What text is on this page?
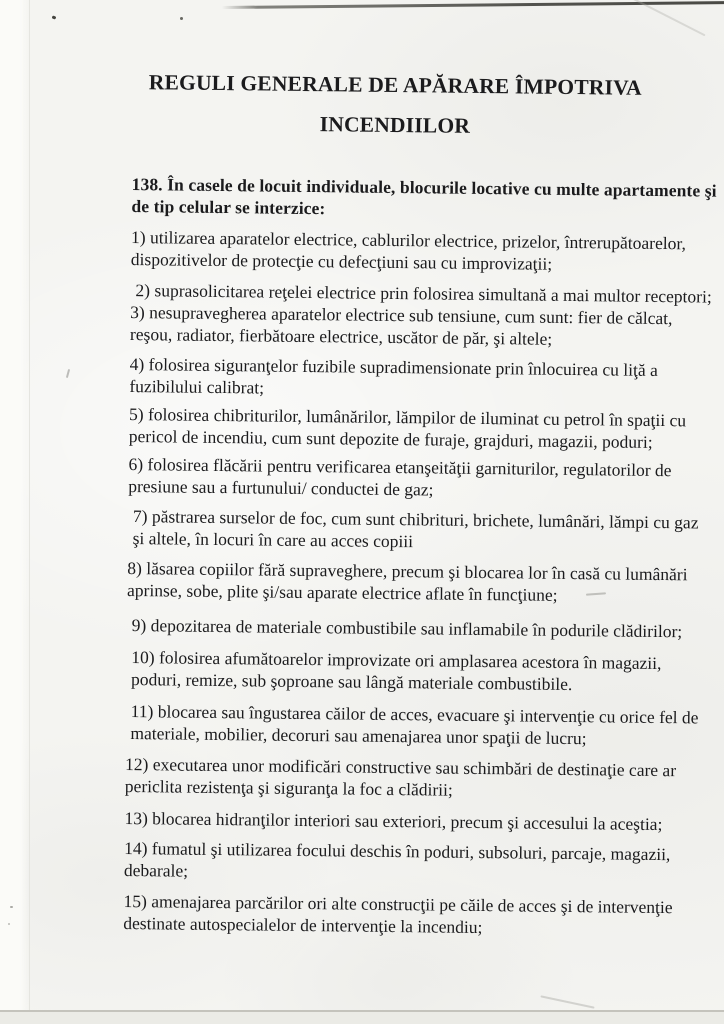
REGULI GENERALE DE APĂRARE ÎMPOTRIVA
INCENDIILOR

138. În casele de locuit individuale, blocurile locative cu multe apartamente şi
de tip celular se interzice:

1) utilizarea aparatelor electrice, cablurilor electrice, prizelor, întrerupătoarelor,
dispozitivelor de protecţie cu defecţiuni sau cu improvizaţii;

2) suprasolicitarea reţelei electrice prin folosirea simultană a mai multor receptori;

3) nesupravegherea aparatelor electrice sub tensiune, cum sunt: fier de călcat,
reşou, radiator, fierbătoare electrice, uscător de păr, şi altele;

4) folosirea siguranţelor fuzibile supradimensionate prin înlocuirea cu liţă a
fuzibilului calibrat;

5) folosirea chibriturilor, lumânărilor, lămpilor de iluminat cu petrol în spaţii cu
pericol de incendiu, cum sunt depozite de furaje, grajduri, magazii, poduri;

6) folosirea flăcării pentru verificarea etanşeităţii garniturilor, regulatorilor de
presiune sau a furtunului/ conductei de gaz;

7) păstrarea surselor de foc, cum sunt chibrituri, brichete, lumânări, lămpi cu gaz
şi altele, în locuri în care au acces copiii

8) lăsarea copiilor fără supraveghere, precum şi blocarea lor în casă cu lumânări
aprinse, sobe, plite şi/sau aparate electrice aflate în funcţiune;

9) depozitarea de materiale combustibile sau inflamabile în podurile clădirilor;

10) folosirea afumătoarelor improvizate ori amplasarea acestora în magazii,
poduri, remize, sub şoproane sau lângă materiale combustibile.

11) blocarea sau îngustarea căilor de acces, evacuare şi intervenţie cu orice fel de
materiale, mobilier, decoruri sau amenajarea unor spaţii de lucru;

12) executarea unor modificări constructive sau schimbări de destinaţie care ar
periclita rezistenţa şi siguranţa la foc a clădirii;

13) blocarea hidranţilor interiori sau exteriori, precum şi accesului la aceştia;

14) fumatul şi utilizarea focului deschis în poduri, subsoluri, parcaje, magazii,
debarale;

15) amenajarea parcărilor ori alte construcţii pe căile de acces şi de intervenţie
destinate autospecialelor de intervenţie la incendiu;
